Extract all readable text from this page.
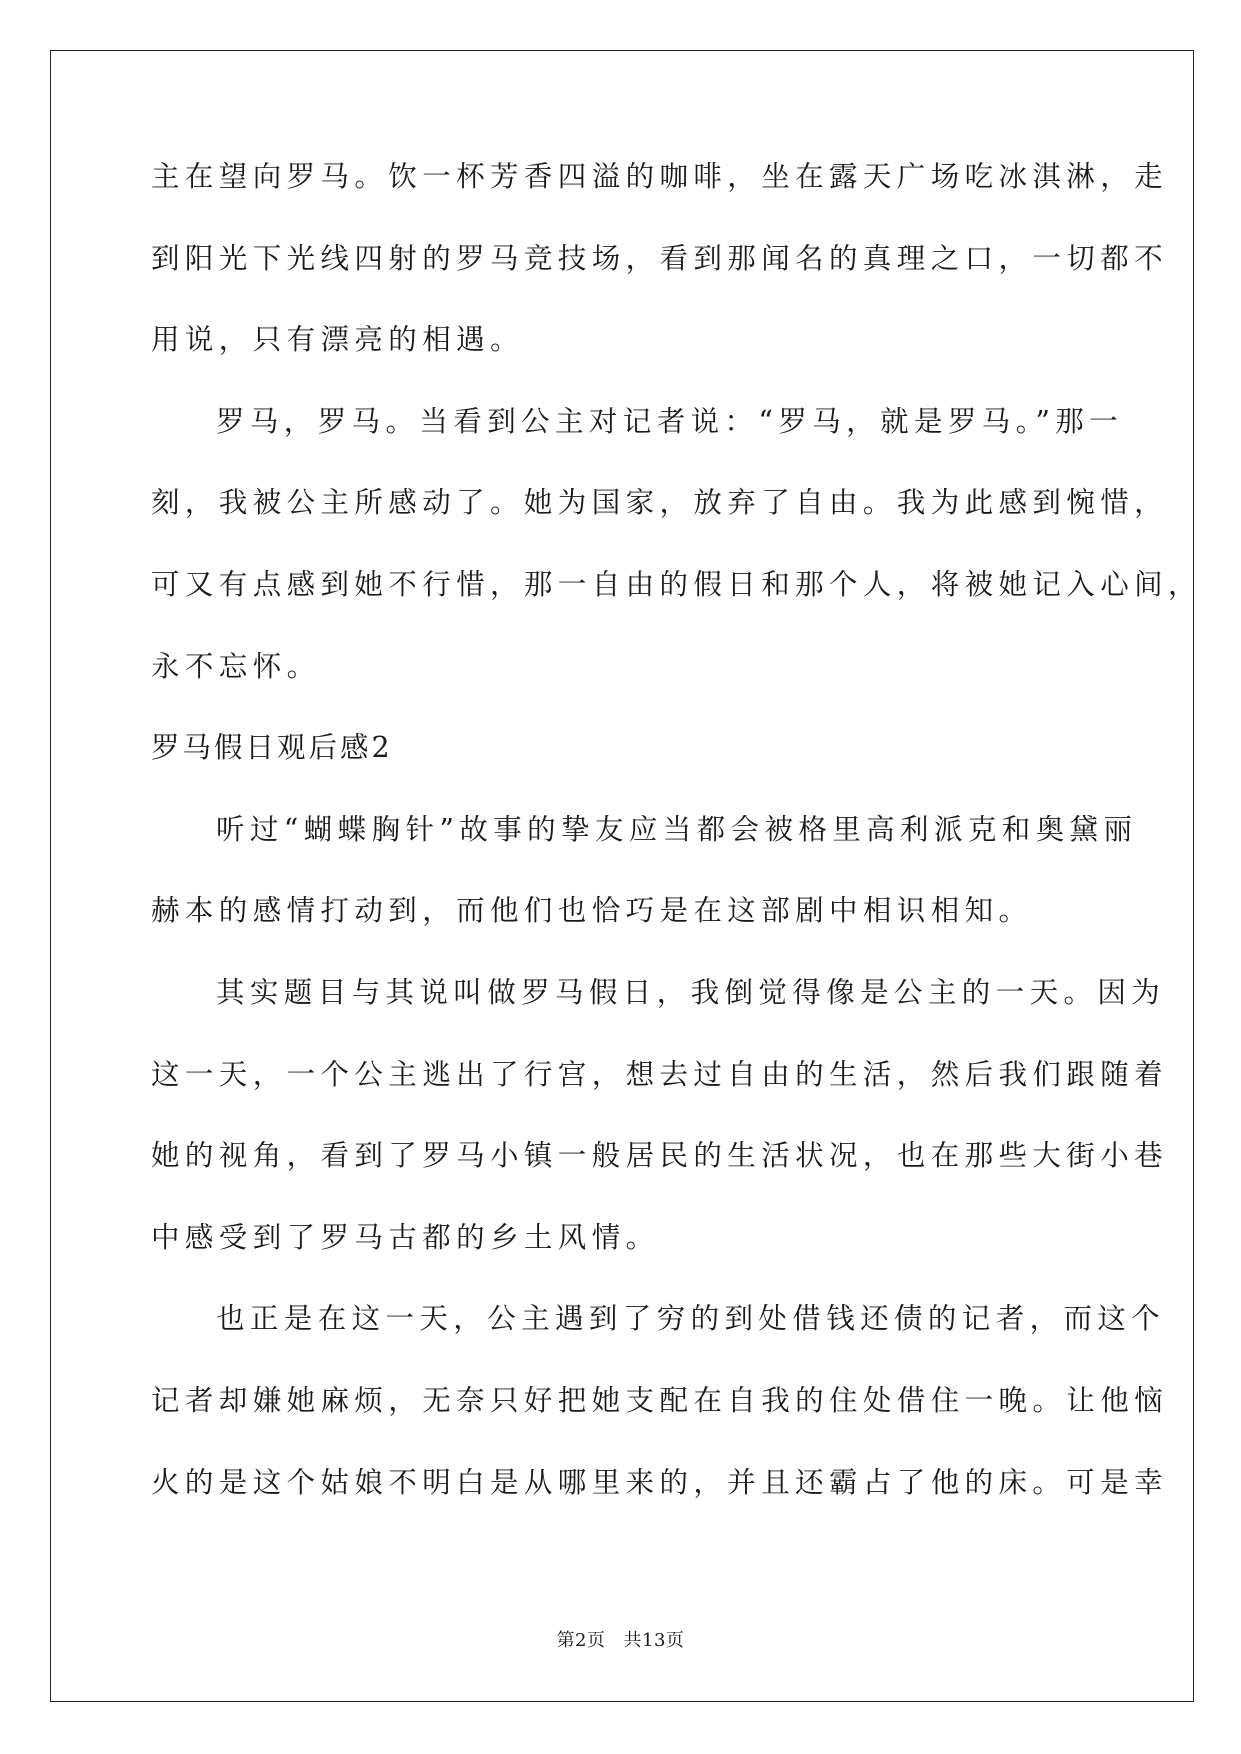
主在望向罗马。饮一杯芳香四溢的咖啡，坐在露天广场吃冰淇淋，走
到阳光下光线四射的罗马竞技场，看到那闻名的真理之口，一切都不
用说，只有漂亮的相遇。
罗马，罗马。当看到公主对记者说：“罗马，就是罗马。”那一
刻，我被公主所感动了。她为国家，放弃了自由。我为此感到惋惜，
可又有点感到她不行惜，那一自由的假日和那个人，将被她记入心间，
永不忘怀。
罗马假日观后感2
听过“蝴蝶胸针”故事的挚友应当都会被格里高利派克和奥黛丽
赫本的感情打动到，而他们也恰巧是在这部剧中相识相知。
其实题目与其说叫做罗马假日，我倒觉得像是公主的一天。因为
这一天，一个公主逃出了行宫，想去过自由的生活，然后我们跟随着
她的视角，看到了罗马小镇一般居民的生活状况，也在那些大街小巷
中感受到了罗马古都的乡土风情。
也正是在这一天，公主遇到了穷的到处借钱还债的记者，而这个
记者却嫌她麻烦，无奈只好把她支配在自我的住处借住一晚。让他恼
火的是这个姑娘不明白是从哪里来的，并且还霸占了他的床。可是幸
第2页 共13页
